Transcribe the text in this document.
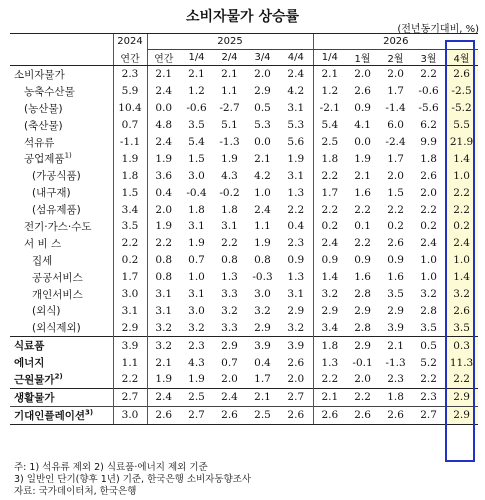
소비자물가 상승률
(전년동기대비, %)
	2024	2025					2026				
	연간	연간	1/4	2/4	3/4	4/4	1/4	1월	2월	3월	4월
소비자물가	2.3	2.1	2.1	2.1	2.0	2.4	2.1	2.0	2.0	2.2	2.6
농축수산물	5.9	2.4	1.2	1.1	2.9	4.2	1.2	2.6	1.7	-0.6	-2.5
(농산물)	10.4	0.0	-0.6	-2.7	0.5	3.1	-2.1	0.9	-1.4	-5.6	-5.2
(축산물)	0.7	4.8	3.5	5.1	5.3	5.3	5.4	4.1	6.0	6.2	5.5
석유류	-1.1	2.4	5.4	-1.3	0.0	5.6	2.5	0.0	-2.4	9.9	21.9
공업제품$^{1)}$	1.9	1.9	1.5	1.9	2.1	1.9	1.8	1.9	1.7	1.8	1.4
(가공식품)	1.8	3.6	3.0	4.3	4.2	3.1	2.2	2.1	2.0	2.6	1.0
(내구재)	1.5	0.4	-0.4	-0.2	1.0	1.3	1.7	1.6	1.5	2.0	2.2
(섬유제품)	3.4	2.0	1.8	1.8	2.4	2.2	2.2	2.2	2.2	2.2	2.2
전기·가스·수도	3.5	1.9	3.1	3.1	1.1	0.4	0.2	0.1	0.2	0.2	0.2
서 비 스	2.2	2.2	1.9	2.2	1.9	2.3	2.4	2.2	2.6	2.4	2.4
집세	0.2	0.8	0.7	0.8	0.8	0.9	0.9	0.9	0.9	1.0	1.0
공공서비스	1.7	0.8	1.0	1.3	-0.3	1.3	1.4	1.6	1.6	1.0	1.4
개인서비스	3.0	3.1	3.1	3.3	3.0	3.1	3.2	2.8	3.5	3.2	3.2
(외식)	3.1	3.1	3.0	3.2	3.2	2.9	2.9	2.9	2.9	2.8	2.6
(외식제외)	2.9	3.2	3.2	3.3	2.9	3.2	3.4	2.8	3.9	3.5	3.5
식료품	3.9	3.2	2.3	2.9	3.9	3.9	1.8	2.9	2.1	0.5	0.3
에너지	1.1	2.1	4.3	0.7	0.4	2.6	1.3	-0.1	-1.3	5.2	11.3
근원물가$^{2)}$	2.2	1.9	1.9	2.0	1.7	2.0	2.2	2.0	2.3	2.2	2.2
생활물가	2.7	2.4	2.5	2.4	2.1	2.7	2.1	2.2	1.8	2.3	2.9
기대인플레이션$^{3)}$	3.0	2.6	2.7	2.6	2.5	2.6	2.6	2.6	2.6	2.7	2.9
주: 1) 석유류 제외 2) 식료품·에너지 제외 기준
3) 일반인 단기(향후 1년) 기준, 한국은행 소비자동향조사
자료: 국가데이터처, 한국은행
